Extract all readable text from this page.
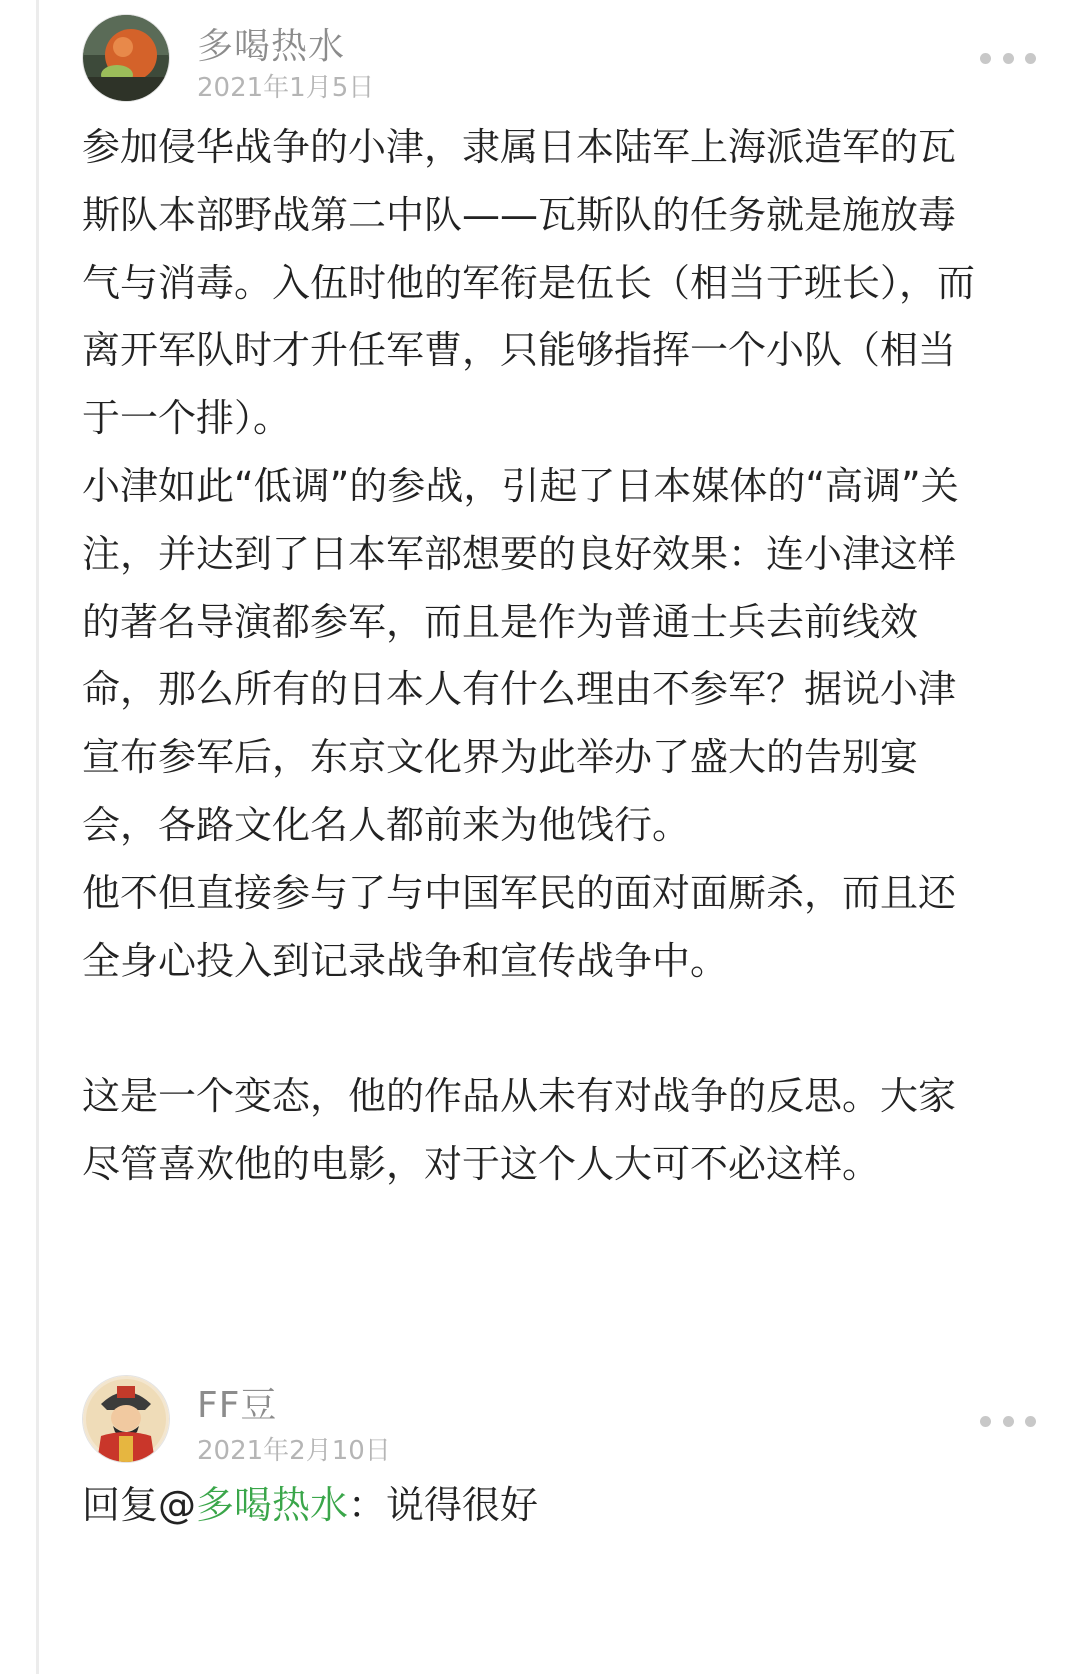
多喝热水
2021年1月5日

参加侵华战争的小津，隶属日本陆军上海派造军的瓦斯队本部野战第二中队——瓦斯队的任务就是施放毒气与消毒。入伍时他的军衔是伍长（相当于班长），而离开军队时才升任军曹，只能够指挥一个小队（相当于一个排）。

小津如此“低调”的参战，引起了日本媒体的“高调”关注，并达到了日本军部想要的良好效果：连小津这样的著名导演都参军，而且是作为普通士兵去前线效命，那么所有的日本人有什么理由不参军？据说小津宣布参军后，东京文化界为此举办了盛大的告别宴会，各路文化名人都前来为他饯行。

他不但直接参与了与中国军民的面对面厮杀，而且还全身心投入到记录战争和宣传战争中。

这是一个变态，他的作品从未有对战争的反思。大家尽管喜欢他的电影，对于这个人大可不必这样。

FF豆
2021年2月10日
回复@多喝热水：说得很好
